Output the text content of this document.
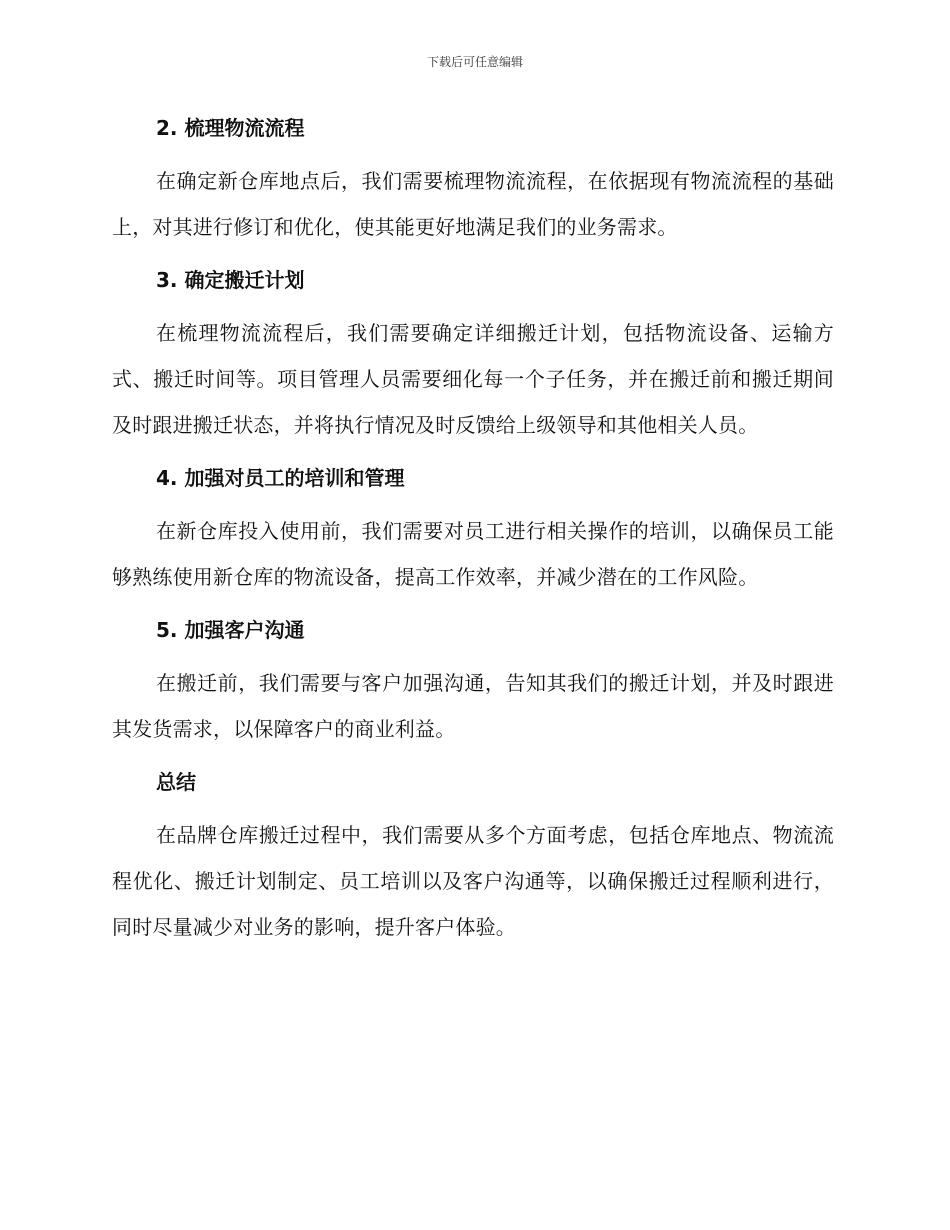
下载后可任意编辑
2. 梳理物流流程

在确定新仓库地点后，我们需要梳理物流流程，在依据现有物流流程的基础上，对其进行修订和优化，使其能更好地满足我们的业务需求。

3. 确定搬迁计划

在梳理物流流程后，我们需要确定详细搬迁计划，包括物流设备、运输方式、搬迁时间等。项目管理人员需要细化每一个子任务，并在搬迁前和搬迁期间及时跟进搬迁状态，并将执行情况及时反馈给上级领导和其他相关人员。

4. 加强对员工的培训和管理

在新仓库投入使用前，我们需要对员工进行相关操作的培训，以确保员工能够熟练使用新仓库的物流设备，提高工作效率，并减少潜在的工作风险。

5. 加强客户沟通

在搬迁前，我们需要与客户加强沟通，告知其我们的搬迁计划，并及时跟进其发货需求，以保障客户的商业利益。

总结

在品牌仓库搬迁过程中，我们需要从多个方面考虑，包括仓库地点、物流流程优化、搬迁计划制定、员工培训以及客户沟通等，以确保搬迁过程顺利进行，同时尽量减少对业务的影响，提升客户体验。
